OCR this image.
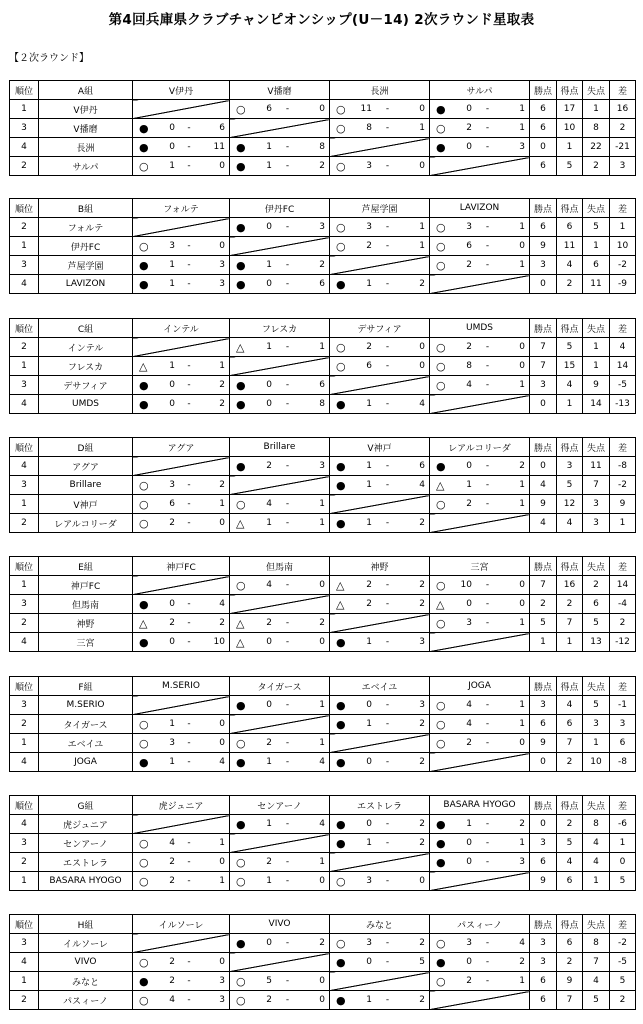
第4回兵庫県クラブチャンピオンシップ(U－14) 2次ラウンド星取表
【２次ラウンド】
順位	A組	V伊丹	V播磨	長洲	サルパ	勝点	得点	失点	差
1	V伊丹		○ 6 - 0	○ 11 - 0	● 0 - 1	6	17	1	16
3	V播磨	● 0 - 6		○ 8 - 1	○ 2 - 1	6	10	8	2
4	長洲	● 0 - 11	● 1 - 8		● 0 - 3	0	1	22	-21
2	サルパ	○ 1 - 0	● 1 - 2	○ 3 - 0		6	5	2	3
順位	B組	フォルテ	伊丹FC	芦屋学園	LAVIZON	勝点	得点	失点	差
2	フォルテ		● 0 - 3	○ 3 - 1	○ 3 - 1	6	6	5	1
1	伊丹FC	○ 3 - 0		○ 2 - 1	○ 6 - 0	9	11	1	10
3	芦屋学園	● 1 - 3	● 1 - 2		○ 2 - 1	3	4	6	-2
4	LAVIZON	● 1 - 3	● 0 - 6	● 1 - 2		0	2	11	-9
順位	C組	インテル	フレスカ	デサフィア	UMDS	勝点	得点	失点	差
2	インテル		△ 1 - 1	○ 2 - 0	○ 2 - 0	7	5	1	4
1	フレスカ	△ 1 - 1		○ 6 - 0	○ 8 - 0	7	15	1	14
3	デサフィア	● 0 - 2	● 0 - 6		○ 4 - 1	3	4	9	-5
4	UMDS	● 0 - 2	● 0 - 8	● 1 - 4		0	1	14	-13
順位	D組	アグア	Brillare	V神戸	レアルコリーダ	勝点	得点	失点	差
4	アグア		● 2 - 3	● 1 - 6	● 0 - 2	0	3	11	-8
3	Brillare	○ 3 - 2		● 1 - 4	△ 1 - 1	4	5	7	-2
1	V神戸	○ 6 - 1	○ 4 - 1		○ 2 - 1	9	12	3	9
2	レアルコリーダ	○ 2 - 0	△ 1 - 1	● 1 - 2		4	4	3	1
順位	E組	神戸FC	但馬南	神野	三宮	勝点	得点	失点	差
1	神戸FC		○ 4 - 0	△ 2 - 2	○ 10 - 0	7	16	2	14
3	但馬南	● 0 - 4		△ 2 - 2	△ 0 - 0	2	2	6	-4
2	神野	△ 2 - 2	△ 2 - 2		○ 3 - 1	5	7	5	2
4	三宮	● 0 - 10	△ 0 - 0	● 1 - 3		1	1	13	-12
順位	F組	M.SERIO	タイガース	エベイユ	JOGA	勝点	得点	失点	差
3	M.SERIO		● 0 - 1	● 0 - 3	○ 4 - 1	3	4	5	-1
2	タイガース	○ 1 - 0		● 1 - 2	○ 4 - 1	6	6	3	3
1	エベイユ	○ 3 - 0	○ 2 - 1		○ 2 - 0	9	7	1	6
4	JOGA	● 1 - 4	● 1 - 4	● 0 - 2		0	2	10	-8
順位	G組	虎ジュニア	センアーノ	エストレラ	BASARA HYOGO	勝点	得点	失点	差
4	虎ジュニア		● 1 - 4	● 0 - 2	● 1 - 2	0	2	8	-6
3	センアーノ	○ 4 - 1		● 1 - 2	● 0 - 1	3	5	4	1
2	エストレラ	○ 2 - 0	○ 2 - 1		● 0 - 3	6	4	4	0
1	BASARA HYOGO	○ 2 - 1	○ 1 - 0	○ 3 - 0		9	6	1	5
順位	H組	イルソーレ	VIVO	みなと	パスィーノ	勝点	得点	失点	差
3	イルソーレ		● 0 - 2	○ 3 - 2	○ 3 - 4	3	6	8	-2
4	VIVO	○ 2 - 0		● 0 - 5	● 0 - 2	3	2	7	-5
1	みなと	● 2 - 3	○ 5 - 0		○ 2 - 1	6	9	4	5
2	パスィーノ	○ 4 - 3	○ 2 - 0	● 1 - 2		6	7	5	2
